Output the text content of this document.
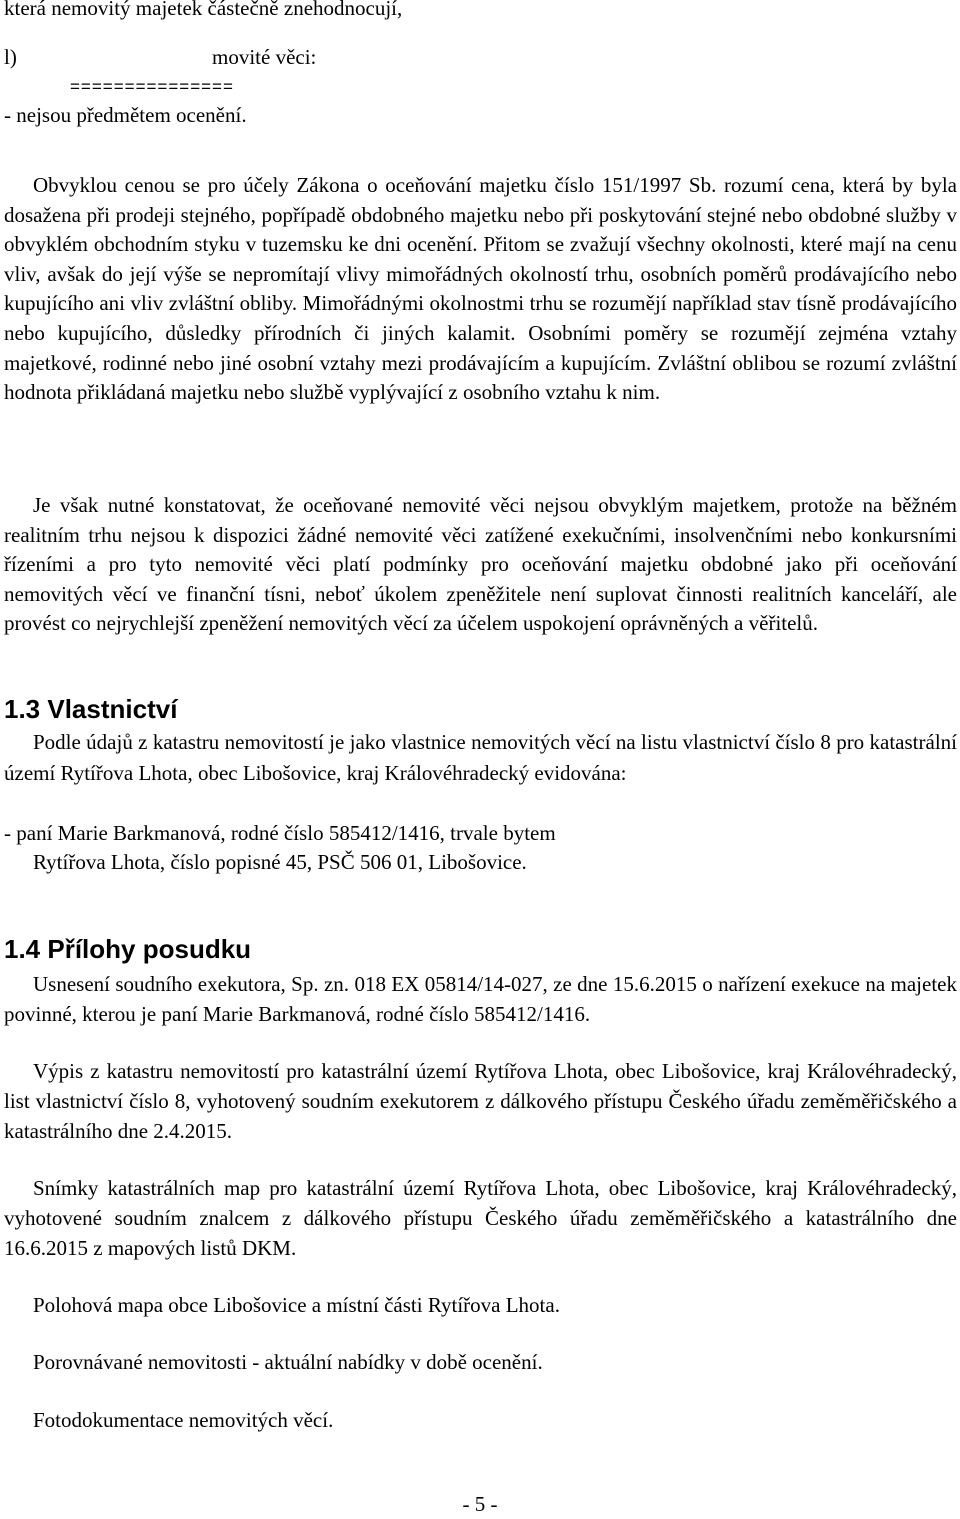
která nemovitý majetek částečně znehodnocují,

l)	movité věci:

===============

- nejsou předmětem ocenění.

Obvyklou cenou se pro účely Zákona o oceňování majetku číslo 151/1997 Sb. rozumí cena, která by byla dosažena při prodeji stejného, popřípadě obdobného majetku nebo při poskytování stejné nebo obdobné služby v obvyklém obchodním styku v tuzemsku ke dni ocenění. Přitom se zvažují všechny okolnosti, které mají na cenu vliv, avšak do její výše se nepromítají vlivy mimořádných okolností trhu, osobních poměrů prodávajícího nebo kupujícího ani vliv zvláštní obliby. Mimořádnými okolnostmi trhu se rozumějí například stav tísně prodávajícího nebo kupujícího, důsledky přírodních či jiných kalamit. Osobními poměry se rozumějí zejména vztahy majetkové, rodinné nebo jiné osobní vztahy mezi prodávajícím a kupujícím. Zvláštní oblibou se rozumí zvláštní hodnota přikládaná majetku nebo službě vyplývající z osobního vztahu k nim.

Je však nutné konstatovat, že oceňované nemovité věci nejsou obvyklým majetkem, protože na běžném realitním trhu nejsou k dispozici žádné nemovité věci zatížené exekučními, insolvenčními nebo konkursními řízeními a pro tyto nemovité věci platí podmínky pro oceňování majetku obdobné jako při oceňování nemovitých věcí ve finanční tísni, neboť úkolem zpeněžitele není suplovat činnosti realitních kanceláří, ale provést co nejrychlejší zpeněžení nemovitých věcí za účelem uspokojení oprávněných a věřitelů.

1.3 Vlastnictví

Podle údajů z katastru nemovitostí je jako vlastnice nemovitých věcí na listu vlastnictví číslo 8 pro katastrální území Rytířova Lhota, obec Libošovice, kraj Královéhradecký evidována:

- paní Marie Barkmanová, rodné číslo 585412/1416, trvale bytem

Rytířova Lhota, číslo popisné 45, PSČ 506 01, Libošovice.

1.4 Přílohy posudku

Usnesení soudního exekutora, Sp. zn. 018 EX 05814/14-027, ze dne 15.6.2015 o nařízení exekuce na majetek povinné, kterou je paní Marie Barkmanová, rodné číslo 585412/1416.

Výpis z katastru nemovitostí pro katastrální území Rytířova Lhota, obec Libošovice, kraj Královéhradecký, list vlastnictví číslo 8, vyhotovený soudním exekutorem z dálkového přístupu Českého úřadu zeměměřičského a katastrálního dne 2.4.2015.

Snímky katastrálních map pro katastrální území Rytířova Lhota, obec Libošovice, kraj Královéhradecký, vyhotovené soudním znalcem z dálkového přístupu Českého úřadu zeměměřičského a katastrálního dne 16.6.2015 z mapových listů DKM.

Polohová mapa obce Libošovice a místní části Rytířova Lhota.

Porovnávané nemovitosti - aktuální nabídky v době ocenění.

Fotodokumentace nemovitých věcí.

- 5 -
